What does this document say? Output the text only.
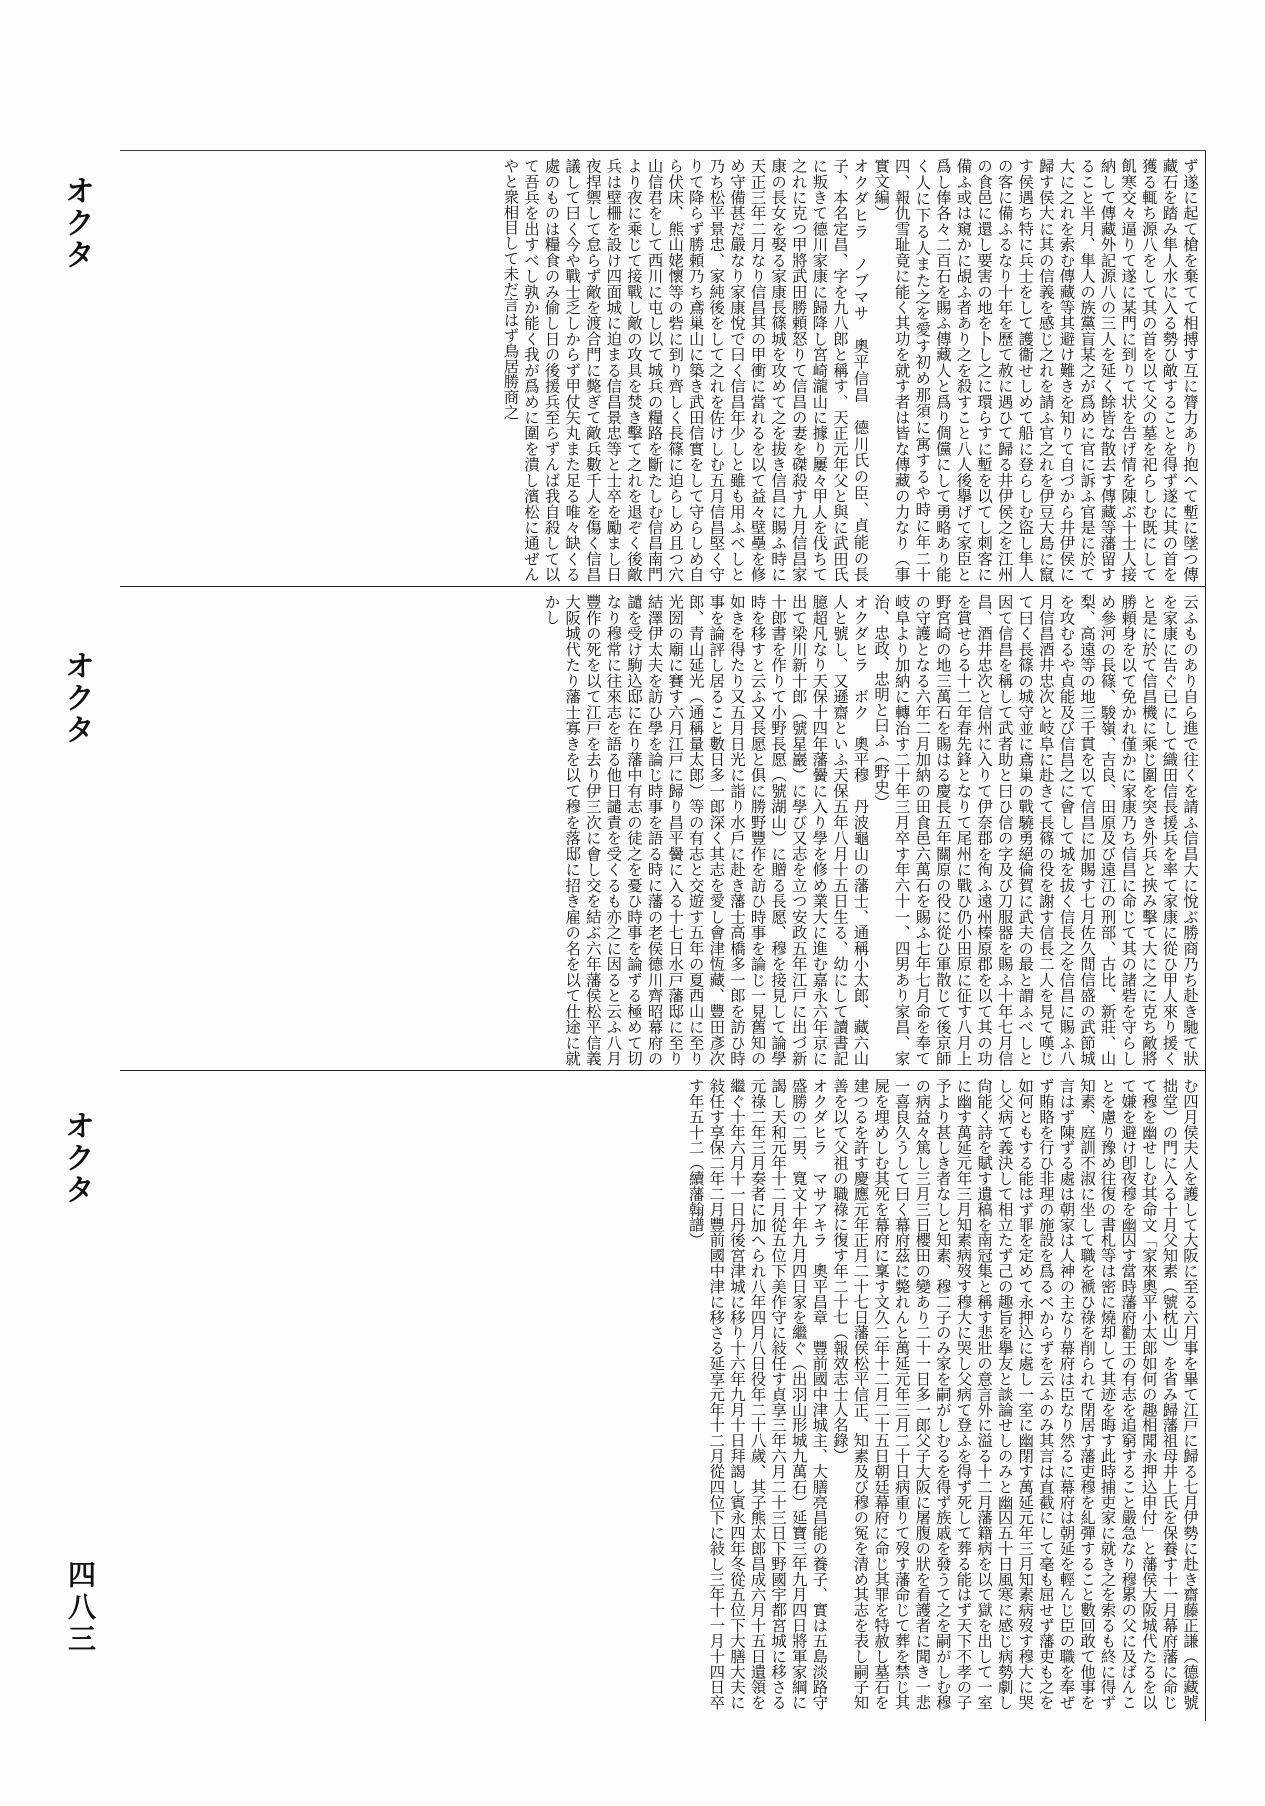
オクタ
オクタ
オクタ
四八三

ず遂に起て槍を棄てて相搏す互に膂力あり抱へて塹に墜つ傳藏石を踏み隼人水に入る勢ひ敵することを得ず遂に其の首を獲る輒ち源八をして其の首を以て父の墓を祀らしむ既にして飢寒交々逼りて遂に某門に到りて状を告げ情を陳ぶ十士人接納して傳藏外記源八の三人を延く餘皆な散去す傳藏等藩留すること半月、隼人の族黨盲某之が爲めに官に訴ふ官是に於て大に之れを索む傳藏等其避け難きを知りて自づから井伊侯に歸す侯大に其の信義を感じ之れを請ふ官之れを伊豆大島に竄す侯遇ち特に兵士をして護衞せしめて船に登らしむ盜し隼人の客に備ふるなり十年を歷て赦に遇ひて歸る井伊侯之を江州の食邑に還し要害の地を卜し之に環らすに塹を以てし刺客に備ふ或は窺かに覘ふ者あり之を殺すこと八人後擧げて家臣と爲し俸各々二百石を賜ふ傳藏人と爲り倜儻にして勇略あり能く人に下る人また之を愛す初め那須に寓するや時に年二十四、報仇雪耻竟に能く其功を就す者は皆な傳藏の力なり（事實文編）

オクダヒラ　ノブマサ　奧平信昌　德川氏の臣、貞能の長子、本名定昌、字を九八郎と稱す、天正元年父と與に武田氏に叛きて德川家康に歸降し宮崎瀧山に據り屢々甲人を伐ちて之れに克つ甲將武田勝頼怒りて信昌の妻を磔殺す九月信昌家康の長女を娶る家康長篠城を攻めて之を拔き信昌に賜ふ時に天正三年二月なり信昌其の甲衝に當れるを以て益々壁壘を修め守備甚だ嚴なり家康悅で曰く信昌年少しと雖も用ふべしと乃ち松平景忠、家純後をして之れを佐けしむ五月信昌堅く守りて降らず勝頼乃ち鳶巢山に築き武田信實をして守らしめ自ら伏床、熊山姥懷等の砦に到り齊しく長篠に迫らしめ且つ穴山信君をして西川に屯し以て城兵の糧路を斷たしむ信昌南門より夜に乘じて接戰し敵の攻具を焚き擊て之れを退ぞく後敵兵は壁柵を設け四面城に迫まる信昌景忠等と士卒を勵まし日夜捍禦して怠らず敵を渡合門に斃ぎて敵兵數千人を傷く信昌議して曰く今や戰士乏しからず甲仗矢丸また足る唯々缺くる處のものは糧食のみ偷し日の後援兵至らずんば我自殺して以て吾兵を出すべし孰か能く我が爲めに圍を潰し濱松に通ぜんやと衆相目して未だ言はず鳥居勝商之

云ふものあり自ら進で往くを請ふ信昌大に悅ぶ勝商乃ち赴き馳て狀を家康に告ぐ已にして織田信長援兵を率て家康に從ひ甲人來り援くと是に於て信昌機に乘じ圍を突き外兵と挾み擊て大に之に克ち敵將勝頼身を以て免かれ僅かに家康乃ち信昌に命じて其の諸砦を守らしめ參河の長篠、駿嶺、吉良、田原及び遠江の刑部、古比、新莊、山梨、高遠等の地三千貫を以て信昌に加賜す七月佐久間信盛の武節城を攻むるや貞能及び信昌之に會して城を拔く信長之を信昌に賜ふ八月信昌酒井忠次と岐阜に赴きて長篠の役を謝す信長二人を見て嘆じて曰く長篠の城守並に鳶巢の戰驍勇絕倫賀に武夫の最と謂ふべしと因て信昌を稱して武者助と曰ひ信の字及び刀服器を賜ふ十年七月信昌、酒井忠次と信州に入りて伊奈郡を徇ふ遠州榛原郡を以て其の功を賞せらる十二年春先鋒となりて尾州に戰ひ仍小田原に征す八月上野宮崎の地三萬石を賜はる慶長五年關原の役に從ひ軍散じて後京師の守護となる六年二月加納の田食邑六萬石を賜ふ七年七月命を奉て岐阜より加納に轉治す二十年三月卒す年六十一、四男あり家昌、家治、忠政、忠明と曰ふ（野史）

オクダヒラ　ボク　奧平穆　丹波龜山の藩士、通稱小太郎、藏六山人と號し、又遜齋といふ天保五年八月十五日生る、幼にして讀書記臆超凡なり天保十四年藩黌に入り學を修め業大に進む嘉永六年京に出て梁川新十郎（號星巖）に學び又志を立つ安政五年江戸に出づ新十郎書を作りて小野長愿（號湖山）に贈る長愿、穆を接見して論學時を移すと云ふ又長愿と俱に勝野豐作を訪ひ時事を論じ一見舊知の如きを得たり又五月日光に詣り水戶に赴き藩士高橋多一郎を訪ひ時事を論評し居ること數日多一郎深く其志を愛し會津恆藏、豐田彥次郎、青山延光（通稱量太郎）等の有志と交遊す五年の夏西山に至り光圀の廟に賽す六月江戸に歸り昌平黌に入る十七日水戸藩邸に至り結澤伊太夫を訪ひ學を論じ時事を語る時に藩の老侯德川齊昭幕府の譴を受け駒込邸に在り藩中有志の徒之を憂ひ時事を論ずる極めて切なり穆常に往來志を語る他日譴責を受くるも亦之に因ると云ふ八月豐作の死を以て江戸を去り伊三次に會し交を結ぶ六年藩侯松平信義大阪城代たり藩士寡きを以て穆を落邸に招き雇の名を以て仕途に就かし

む四月侯夫人を護して大阪に至る六月事を畢て江戸に歸る七月伊勢に赴き齋藤正謙（德藏號拙堂）の門に入る十月父知素（號枕山）を省み歸藩祖母井上氏を保養す十一月幕府藩に命じて穆を幽せしむ其命文「家來奧平小太郎如何の趣相聞永押込申付」と藩侯大阪城代たるを以て嫌を避け卽夜穆を幽囚す當時藩府勸王の有志を追窮すること嚴急なり穆累の父に及ばんことを慮り豫め往復の書札等は密に燒却して其迹を晦す此時捕吏家に就き之を索るも終に得ず知素、庭訓不淑に坐して職を褫ひ祿を削られて閉居す藩吏穆を糺彈すること數回敢て他事を言はず陳ずる處は朝家は人神の主なり幕府は臣なり然るに幕府は朝延を輕んじ臣の職を奉ぜず賄賂を行ひ非理の施設を爲るべからずを云ふのみ其言は直截にして毫も屈せず藩吏も之を如何ともする能はず罪を定めて永押込に處し一室に幽閉す萬延元年三月知素病歿す穆大に哭し父病て義決して相立たず己の趣旨を擧友と談論せしのみと幽囚五十日風寒に感じ病勢劇し尙能く詩を賦す遺稿を南冠集と稱す悲壯の意言外に溢る十二月藩籍病を以て獄を出して一室に幽す萬延元年三月知素病歿す穆大に哭し父病て登ふを得ず死して葬る能はず天下不孝の子予より甚しき者なしと知素、穆二子のみ家を嗣がしむるを得ず族戚を發うて之を嗣がしむ穆の病益々篤し三月三日櫻田の變あり二十一日多一郎父子大阪に屠腹の狀を看護者に聞き一悲一喜良久うして曰く幕府茲に斃れんと萬延元年三月二十日病重りて歿す藩命じて葬を禁じ其屍を埋めしむ其死を幕府に稟す文久二年十二月二十五日朝廷幕府に命じ其罪を特赦し墓石を建つるを許す慶應元年正月二十七日藩侯松平信正、知素及び穆の冤を清め其志を表し嗣子知善を以て父祖の職祿に復す年二十七（報效志士人名錄）

オクダヒラ　マサアキラ　奧平昌章　豐前國中津城主、大膳亮昌能の養子、實は五島淡路守盛勝の二男、寬文十年九月四日家を繼ぐ（出羽山形城九萬石）延寶三年九月四日將軍家綱に謁し天和元年十二月從五位下美作守に敍任す貞享三年六月二十三日下野國宇都宮城に移さる元祿二年三月奏者に加へられ八年四月八日役年二十八歲、其子熊太郎昌成六月十五日遺領を繼ぐ十年六月十一日丹後宮津城に移り十六年九月十日拜謁し賓永四年冬從五位下大膳大夫に敍任す享保二年二月豐前國中津に移さる延享元年十二月從四位下に敍し三年十一月十四日卒す年五十二（續藩翰譜）
